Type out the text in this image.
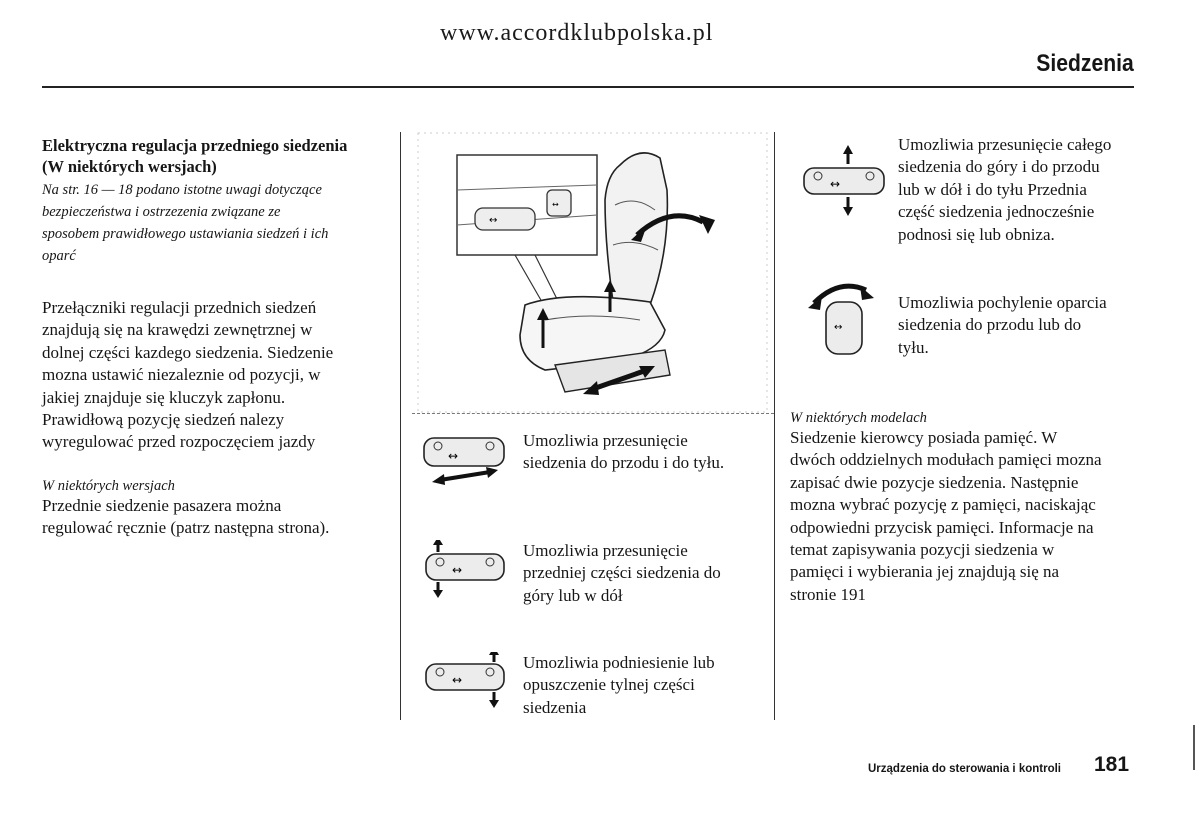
www.accordklubpolska.pl
Siedzenia
Elektryczna regulacja przedniego siedzenia
(W niektórych wersjach)
Na str. 16 — 18 podano istotne uwagi dotyczące
bezpieczeństwa i ostrzezenia związane ze
sposobem prawidłowego ustawiania siedzeń i ich
oparć
Przełączniki regulacji przednich siedzeń
znajdują się na krawędzi zewnętrznej w
dolnej części kazdego siedzenia. Siedzenie
mozna ustawić niezaleznie od pozycji, w
jakiej znajduje się kluczyk zapłonu.
Prawidłową pozycję siedzeń nalezy
wyregulować przed rozpoczęciem jazdy
W niektórych wersjach
Przednie siedzenie pasazera można
regulować ręcznie (patrz następna strona).
↔
↔
↔
Umozliwia przesunięcie
siedzenia do przodu i do tyłu.
↔
Umozliwia przesunięcie
przedniej części siedzenia do
góry lub w dół
↔
Umozliwia podniesienie lub
opuszczenie tylnej części
siedzenia
↔
Umozliwia przesunięcie całego
siedzenia do góry i do przodu
lub w dół i do tyłu Przednia
część siedzenia jednocześnie
podnosi się lub obniza.
↔
Umozliwia pochylenie oparcia
siedzenia do przodu lub do
tyłu.
W niektórych modelach
Siedzenie kierowcy posiada pamięć. W
dwóch oddzielnych modułach pamięci mozna
zapisać dwie pozycje siedzenia. Następnie
mozna wybrać pozycję z pamięci, naciskając
odpowiedni przycisk pamięci. Informacje na
temat zapisywania pozycji siedzenia w
pamięci i wybierania jej znajdują się na
stronie 191
Urządzenia do sterowania i kontroli 181
